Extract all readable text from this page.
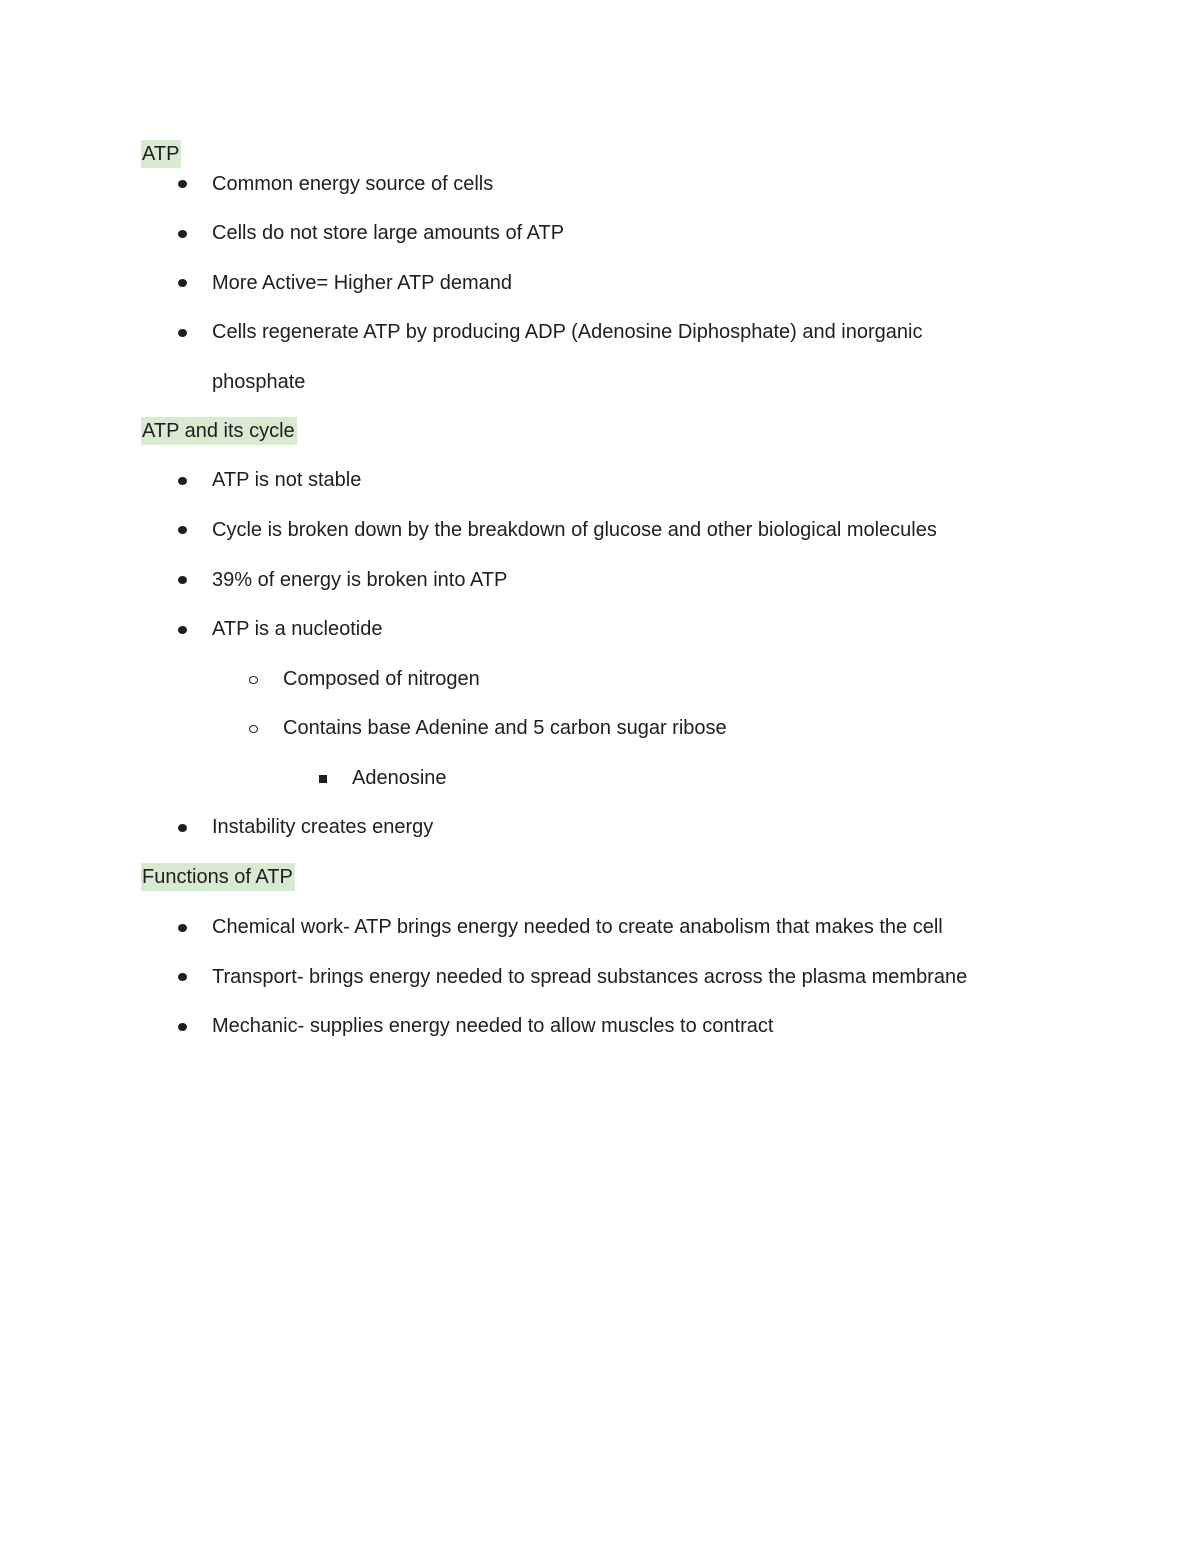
ATP
Common energy source of cells
Cells do not store large amounts of ATP
More Active= Higher ATP demand
Cells regenerate ATP by producing ADP (Adenosine Diphosphate) and inorganic
phosphate
ATP and its cycle
ATP is not stable
Cycle is broken down by the breakdown of glucose and other biological molecules
39% of energy is broken into ATP
ATP is a nucleotide
Composed of nitrogen
Contains base Adenine and 5 carbon sugar ribose
Adenosine
Instability creates energy
Functions of ATP
Chemical work- ATP brings energy needed to create anabolism that makes the cell
Transport- brings energy needed to spread substances across the plasma membrane
Mechanic- supplies energy needed to allow muscles to contract
